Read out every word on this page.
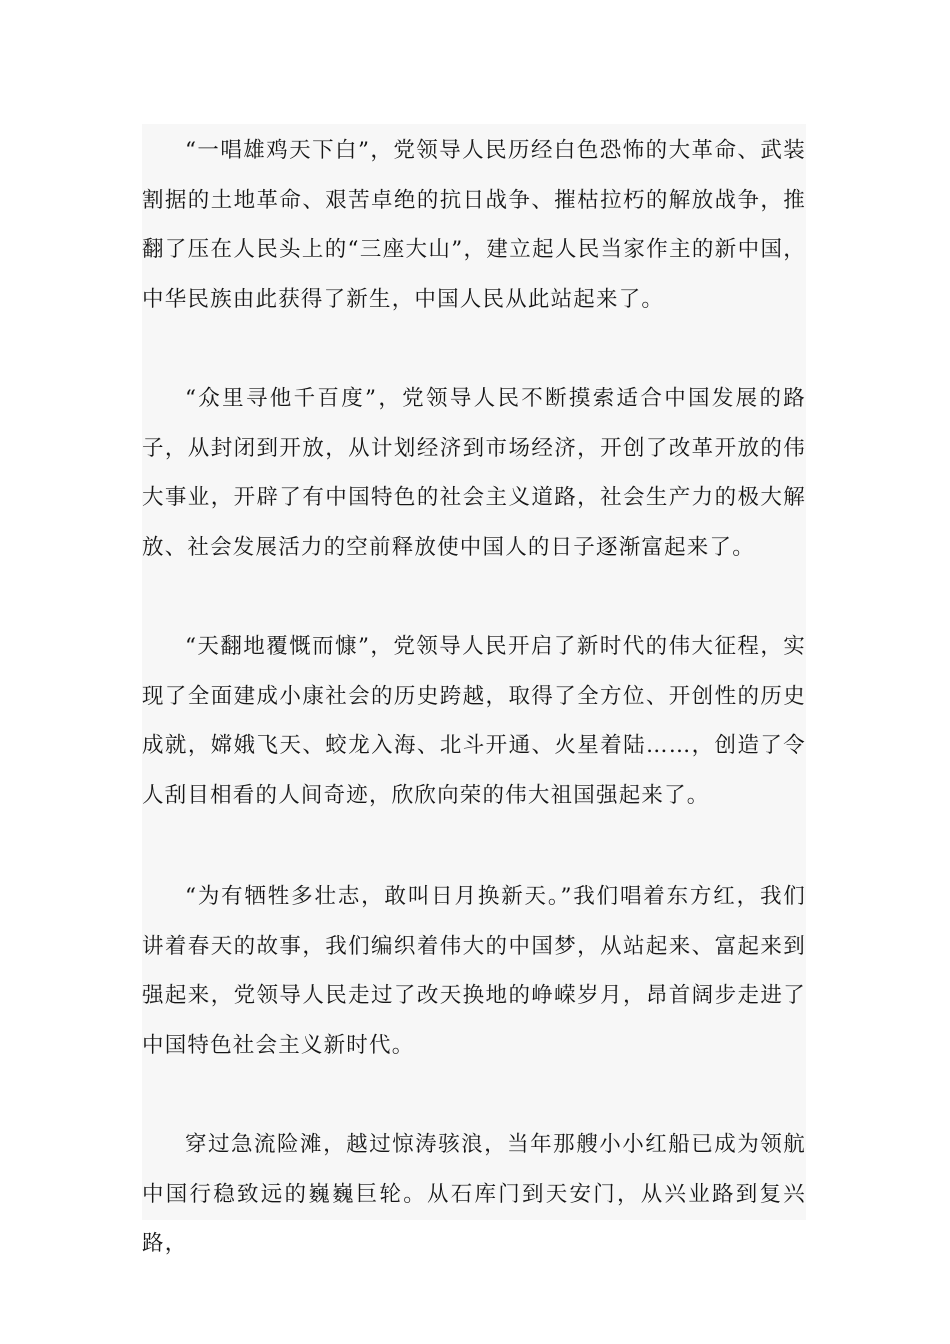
“一唱雄鸡天下白”，党领导人民历经白色恐怖的大革命、武装割据的土地革命、艰苦卓绝的抗日战争、摧枯拉朽的解放战争，推翻了压在人民头上的“三座大山”，建立起人民当家作主的新中国，中华民族由此获得了新生，中国人民从此站起来了。

“众里寻他千百度”，党领导人民不断摸索适合中国发展的路子，从封闭到开放，从计划经济到市场经济，开创了改革开放的伟大事业，开辟了有中国特色的社会主义道路，社会生产力的极大解放、社会发展活力的空前释放使中国人的日子逐渐富起来了。

“天翻地覆慨而慷”，党领导人民开启了新时代的伟大征程，实现了全面建成小康社会的历史跨越，取得了全方位、开创性的历史成就，嫦娥飞天、蛟龙入海、北斗开通、火星着陆……，创造了令人刮目相看的人间奇迹，欣欣向荣的伟大祖国强起来了。

“为有牺牲多壮志，敢叫日月换新天。”我们唱着东方红，我们讲着春天的故事，我们编织着伟大的中国梦，从站起来、富起来到强起来，党领导人民走过了改天换地的峥嵘岁月，昂首阔步走进了中国特色社会主义新时代。

穿过急流险滩，越过惊涛骇浪，当年那艘小小红船已成为领航中国行稳致远的巍巍巨轮。从石库门到天安门，从兴业路到复兴路，
